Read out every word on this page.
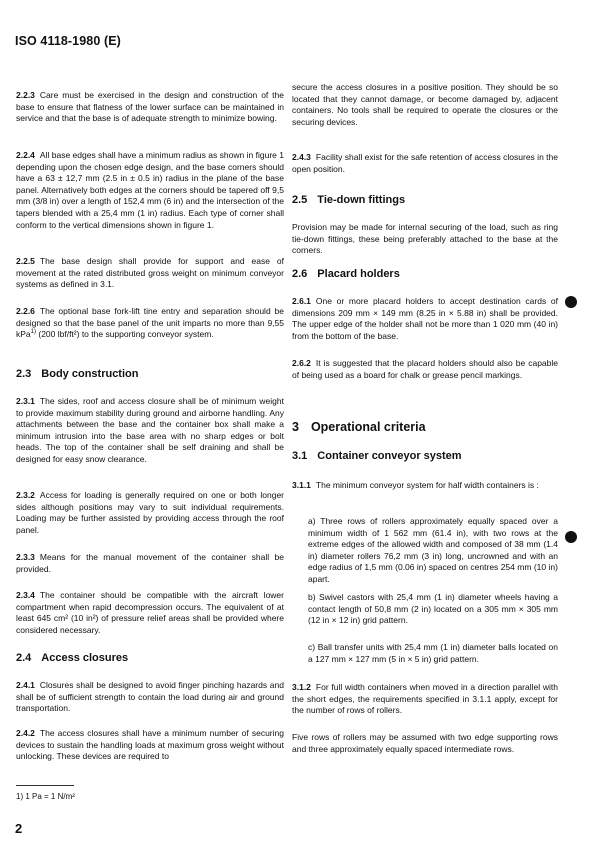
ISO 4118-1980 (E)

2.2.3 Care must be exercised in the design and construction of the base to ensure that flatness of the lower surface can be maintained in service and that the base is of adequate strength to minimize bowing.

2.2.4 All base edges shall have a minimum radius as shown in figure 1 depending upon the chosen edge design, and the base corners should have a 63 ± 12,7 mm (2.5 in ± 0.5 in) radius in the plane of the base panel. Alternatively both edges at the corners should be tapered off 9,5 mm (3/8 in) over a length of 152,4 mm (6 in) and the intersection of the tapers blended with a 25,4 mm (1 in) radius. Each type of corner shall conform to the vertical dimensions shown in figure 1.

2.2.5 The base design shall provide for support and ease of movement at the rated distributed gross weight on minimum conveyor systems as defined in 3.1.

2.2.6 The optional base fork-lift tine entry and separation should be designed so that the base panel of the unit imparts no more than 9,55 kPa$^{1)}$ (200 lbf/ft²) to the supporting conveyor system.

2.3 Body construction

2.3.1 The sides, roof and access closure shall be of minimum weight to provide maximum stability during ground and airborne handling. Any attachments between the base and the container box shall make a minimum intrusion into the base area with no sharp edges or bolt heads. The top of the container shall be self draining and shall be designed for easy snow clearance.

2.3.2 Access for loading is generally required on one or both longer sides although positions may vary to suit individual requirements. Loading may be further assisted by providing access through the roof panel.

2.3.3 Means for the manual movement of the container shall be provided.

2.3.4 The container should be compatible with the aircraft lower compartment when rapid decompression occurs. The equivalent of at least 645 cm² (10 in²) of pressure relief areas shall be provided where considered necessary.

2.4 Access closures

2.4.1 Closures shall be designed to avoid finger pinching hazards and shall be of sufficient strength to contain the load during air and ground transportation.

2.4.2 The access closures shall have a minimum number of securing devices to sustain the handling loads at maximum gross weight without unlocking. These devices are required to

secure the access closures in a positive position. They should be so located that they cannot damage, or become damaged by, adjacent containers. No tools shall be required to operate the closures or the securing devices.

2.4.3 Facility shall exist for the safe retention of access closures in the open position.

2.5 Tie-down fittings

Provision may be made for internal securing of the load, such as ring tie-down fittings, these being preferably attached to the base at the corners.

2.6 Placard holders

2.6.1 One or more placard holders to accept destination cards of dimensions 209 mm × 149 mm (8.25 in × 5.88 in) shall be provided. The upper edge of the holder shall not be more than 1 020 mm (40 in) from the bottom of the base.

2.6.2 It is suggested that the placard holders should also be capable of being used as a board for chalk or grease pencil markings.

3 Operational criteria
3.1 Container conveyor system

3.1.1 The minimum conveyor system for half width containers is :

a) Three rows of rollers approximately equally spaced over a minimum width of 1 562 mm (61.4 in), with two rows at the extreme edges of the allowed width and composed of 38 mm (1.4 in) diameter rollers 76,2 mm (3 in) long, uncrowned and with an edge radius of 1,5 mm (0.06 in) spaced on centres 254 mm (10 in) apart.

b) Swivel castors with 25,4 mm (1 in) diameter wheels having a contact length of 50,8 mm (2 in) located on a 305 mm × 305 mm (12 in × 12 in) grid pattern.

c) Ball transfer units with 25,4 mm (1 in) diameter balls located on a 127 mm × 127 mm (5 in × 5 in) grid pattern.

3.1.2 For full width containers when moved in a direction parallel with the short edges, the requirements specified in 3.1.1 apply, except for the number of rows of rollers.

Five rows of rollers may be assumed with two edge supporting rows and three approximately equally spaced intermediate rows.

1) 1 Pa = 1 N/m²
2
